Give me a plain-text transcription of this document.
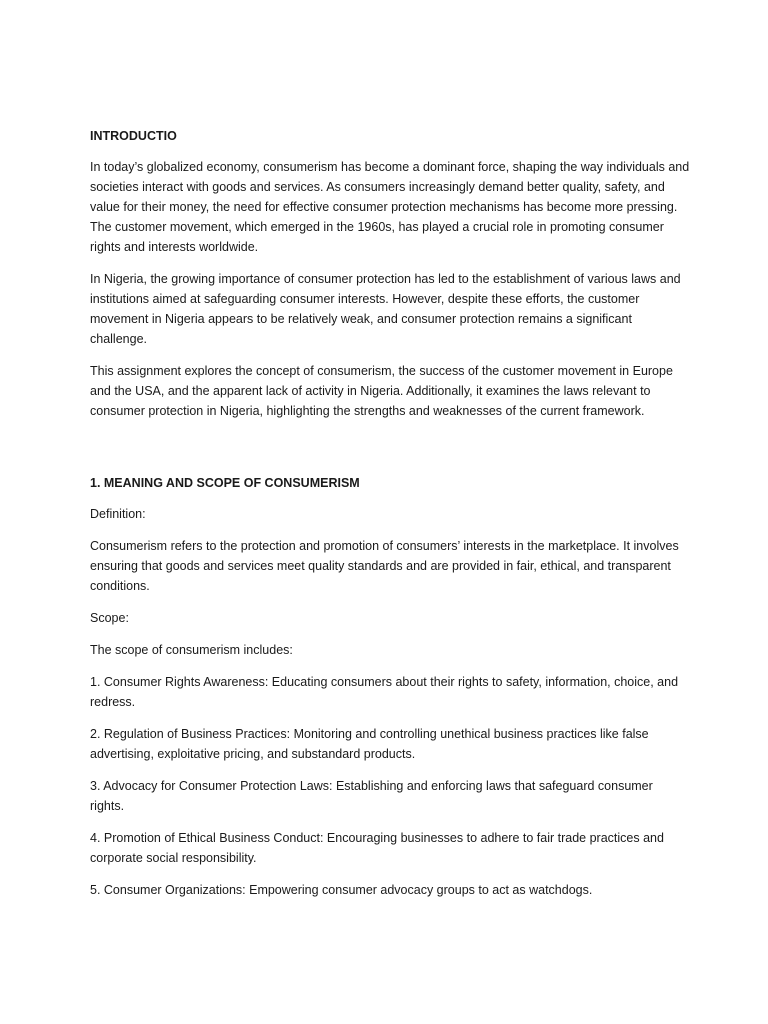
INTRODUCTIO

In today’s globalized economy, consumerism has become a dominant force, shaping the way individuals and societies interact with goods and services. As consumers increasingly demand better quality, safety, and value for their money, the need for effective consumer protection mechanisms has become more pressing. The customer movement, which emerged in the 1960s, has played a crucial role in promoting consumer rights and interests worldwide.

In Nigeria, the growing importance of consumer protection has led to the establishment of various laws and institutions aimed at safeguarding consumer interests. However, despite these efforts, the customer movement in Nigeria appears to be relatively weak, and consumer protection remains a significant challenge.

This assignment explores the concept of consumerism, the success of the customer movement in Europe and the USA, and the apparent lack of activity in Nigeria. Additionally, it examines the laws relevant to consumer protection in Nigeria, highlighting the strengths and weaknesses of the current framework.

1. MEANING AND SCOPE OF CONSUMERISM

Definition:

Consumerism refers to the protection and promotion of consumers’ interests in the marketplace. It involves ensuring that goods and services meet quality standards and are provided in fair, ethical, and transparent conditions.

Scope:

The scope of consumerism includes:

1. Consumer Rights Awareness: Educating consumers about their rights to safety, information, choice, and redress.

2. Regulation of Business Practices: Monitoring and controlling unethical business practices like false advertising, exploitative pricing, and substandard products.

3. Advocacy for Consumer Protection Laws: Establishing and enforcing laws that safeguard consumer rights.

4. Promotion of Ethical Business Conduct: Encouraging businesses to adhere to fair trade practices and corporate social responsibility.

5. Consumer Organizations: Empowering consumer advocacy groups to act as watchdogs.
